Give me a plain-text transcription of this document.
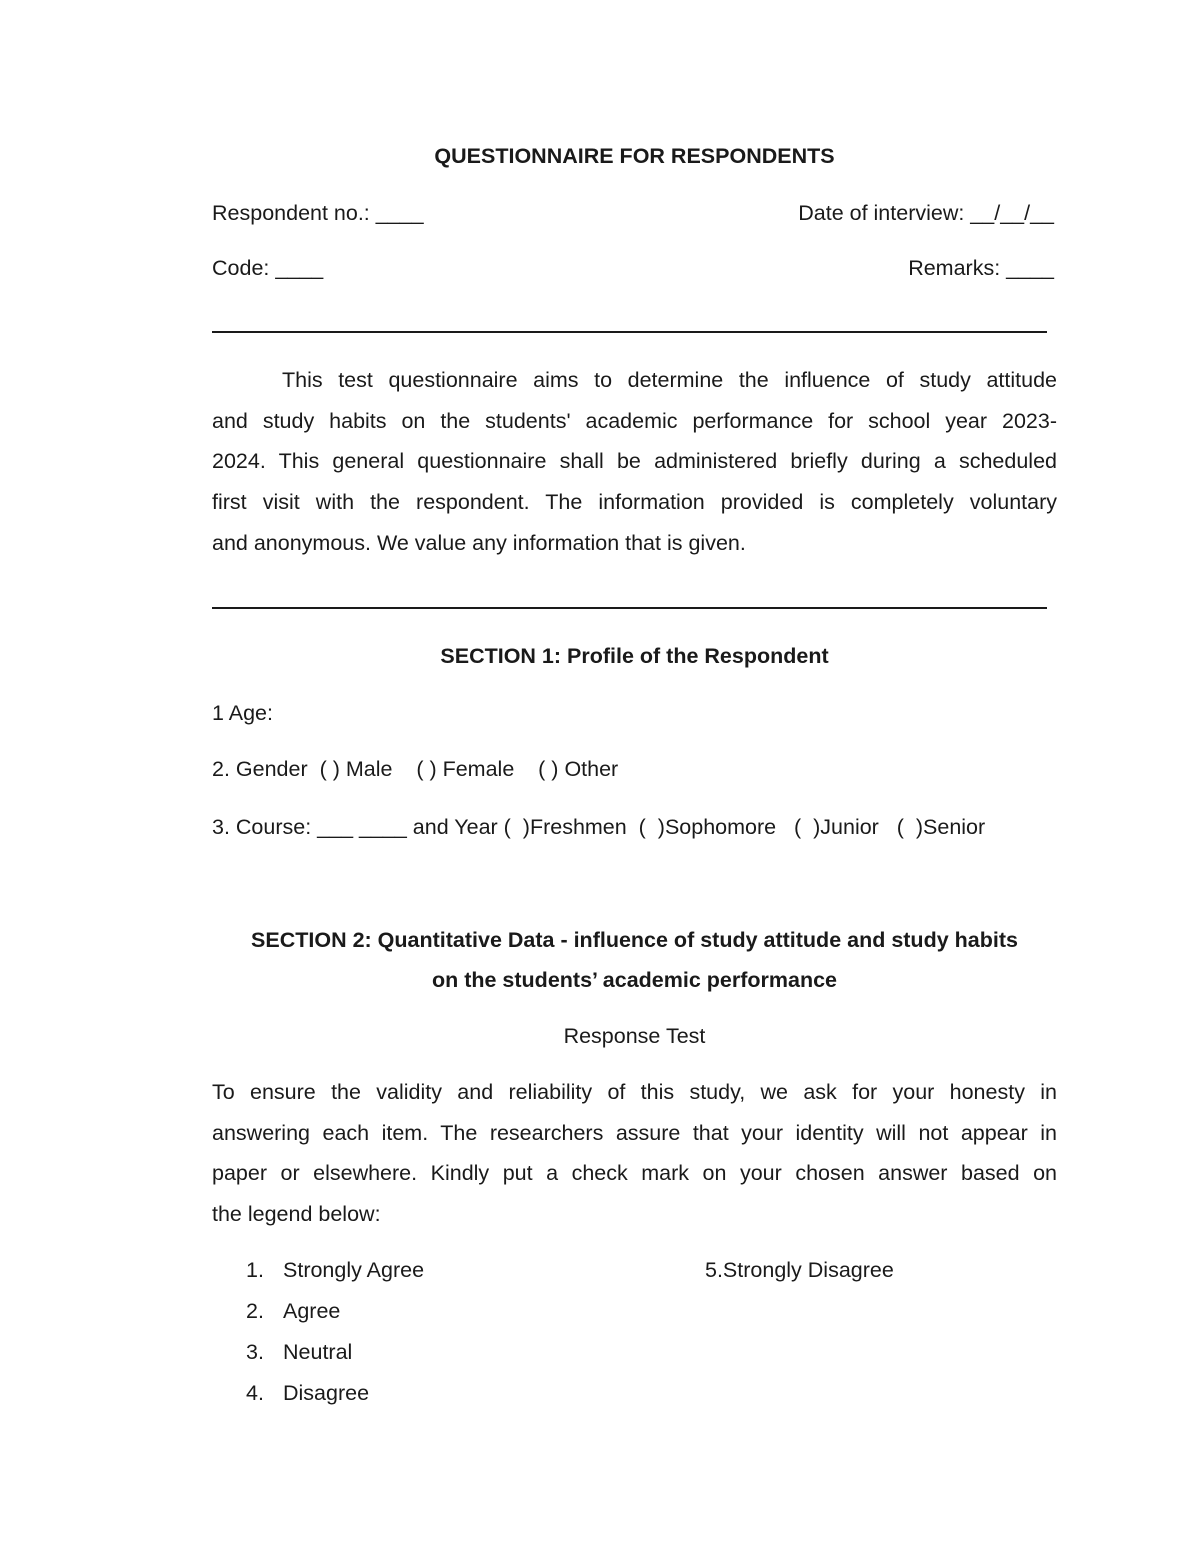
QUESTIONNAIRE FOR RESPONDENTS
Respondent no.: ____	Date of interview: __/__/__
Code: ____	Remarks: ____
This test questionnaire aims to determine the influence of study attitude
and study habits on the students' academic performance for school year 2023-
2024. This general questionnaire shall be administered briefly during a scheduled
first visit with the respondent. The information provided is completely voluntary
and anonymous. We value any information that is given.
SECTION 1: Profile of the Respondent
1 Age:
2. Gender  ( ) Male    ( ) Female    ( ) Other
3. Course: ___ ____ and Year (  )Freshmen  (  )Sophomore   (  )Junior   (  )Senior
SECTION 2: Quantitative Data - influence of study attitude and study habits
on the students’ academic performance
Response Test
To ensure the validity and reliability of this study, we ask for your honesty in
answering each item. The researchers assure that your identity will not appear in
paper or elsewhere. Kindly put a check mark on your chosen answer based on
the legend below:
1. Strongly Agree
2. Agree
3. Neutral
4. Disagree
5.Strongly Disagree
